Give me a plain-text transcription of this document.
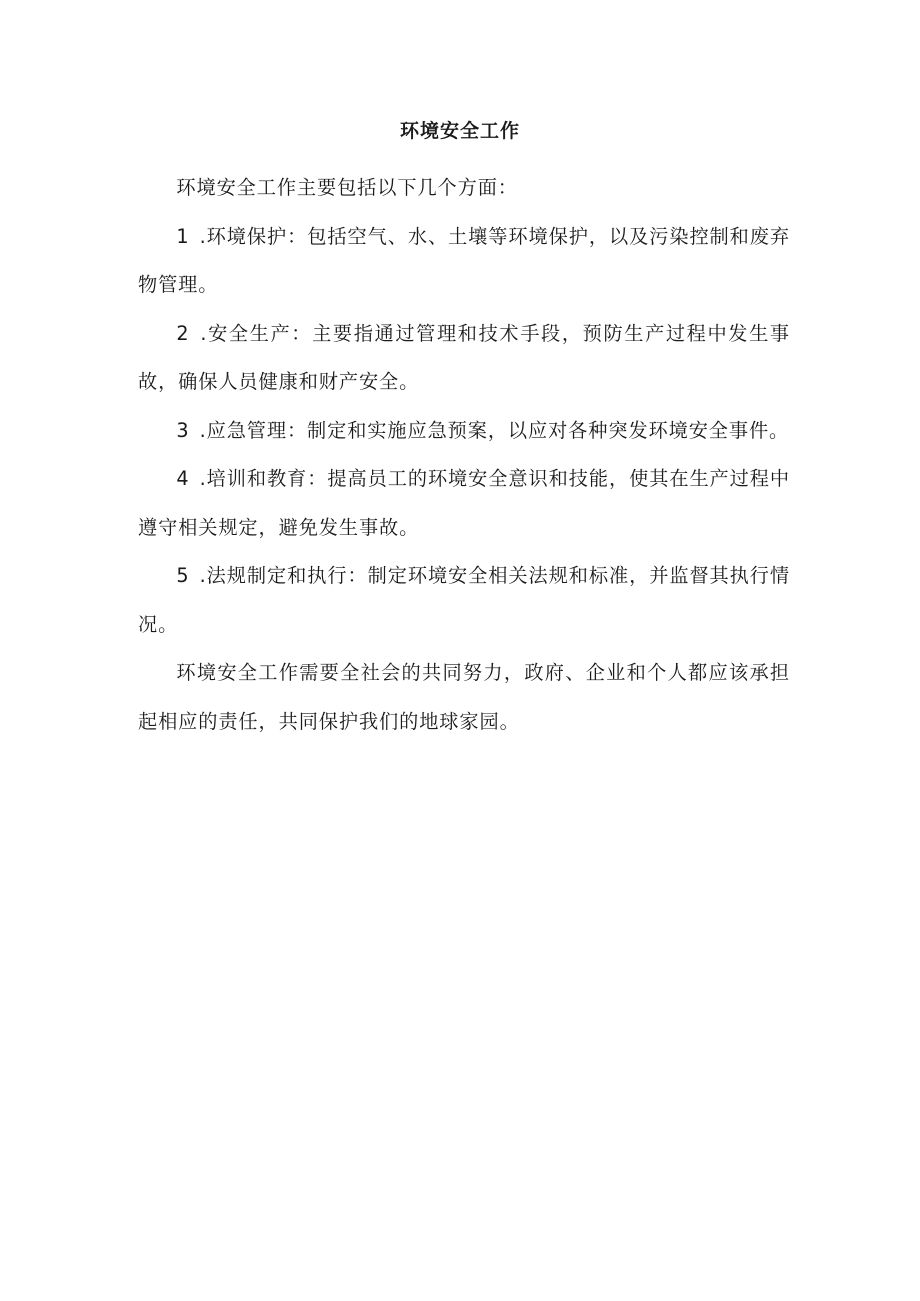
环境安全工作

环境安全工作主要包括以下几个方面：

1 .环境保护：包括空气、水、土壤等环境保护，以及污染控制和废弃物管理。

2 .安全生产：主要指通过管理和技术手段，预防生产过程中发生事故，确保人员健康和财产安全。

3 .应急管理：制定和实施应急预案，以应对各种突发环境安全事件。

4 .培训和教育：提高员工的环境安全意识和技能，使其在生产过程中遵守相关规定，避免发生事故。

5 .法规制定和执行：制定环境安全相关法规和标准，并监督其执行情况。

环境安全工作需要全社会的共同努力，政府、企业和个人都应该承担起相应的责任，共同保护我们的地球家园。
